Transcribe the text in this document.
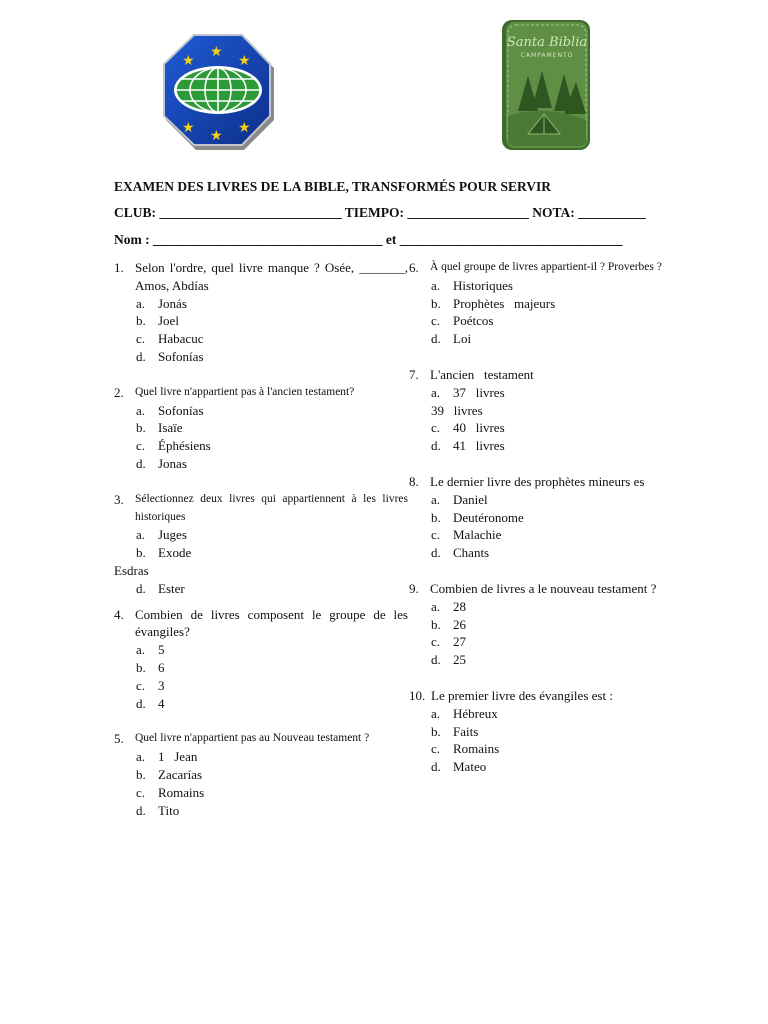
★
★
★
★ ★ ★
Santa Biblia
CAMPAMENTO
EXAMEN DES LIVRES DE LA BIBLE, TRANSFORMÉS POUR SERVIR
CLUB: ___________________________ TIEMPO: __________________ NOTA: __________
Nom : __________________________________ et _________________________________
1. Selon l'ordre, quel livre manque ? Osée, _______, Amos, Abdías
a. Jonás
b. Joel
c. Habacuc
d. Sofonías
2. Quel livre n'appartient pas à l'ancien testament?
a. Sofonías
b. Isaïe
c. Éphésiens
d. Jonas
3. Sélectionnez deux livres qui appartiennent à les livres historiques
a. Juges
b. Exode
Esdras
d. Ester
4. Combien de livres composent le groupe de les évangiles?
a. 5
b. 6
c. 3
d. 4
5. Quel livre n'appartient pas au Nouveau testament ?
a. 1   Jean
b. Zacarías
c. Romains
d. Tito
6. À quel groupe de livres appartient-il ? Proverbes ?
a. Historiques
b. Prophètes   majeurs
c. Poétcos
d. Loi
7. L'ancien   testament
a. 37   livres
39   livres
c. 40   livres
d. 41   livres
8. Le dernier livre des prophètes mineurs es
a. Daniel
b. Deutéronome
c. Malachie
d. Chants
9. Combien de livres a le nouveau testament ?
a. 28
b. 26
c. 27
d. 25
10. Le premier livre des évangiles est :
a. Hébreux
b. Faits
c. Romains
d. Mateo
